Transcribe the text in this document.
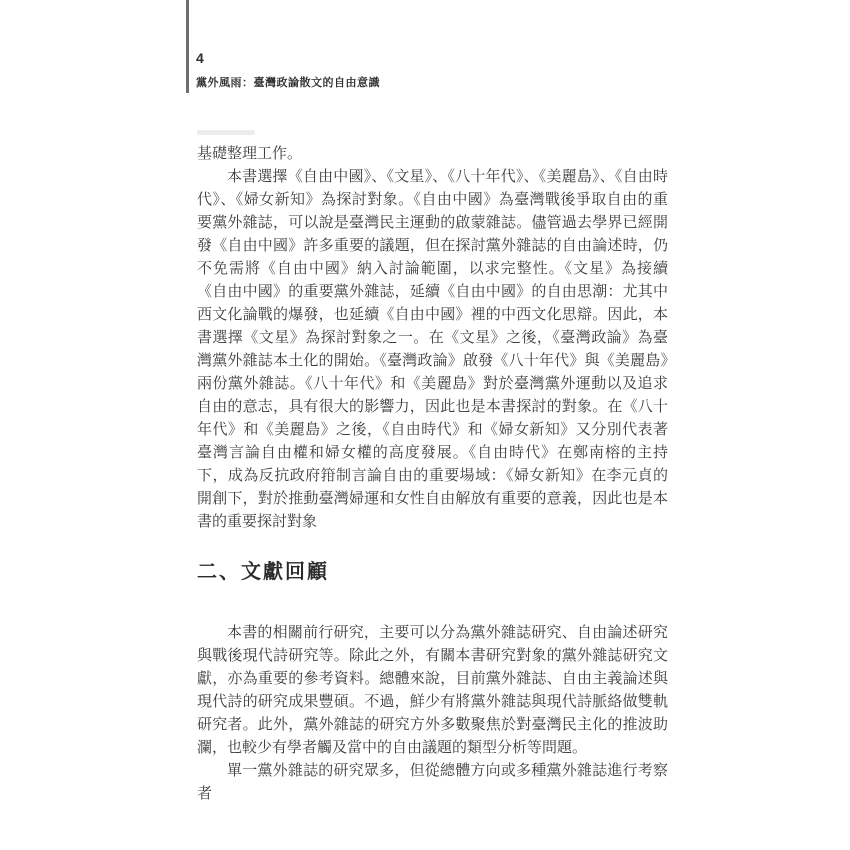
4
黨外風雨：臺灣政論散文的自由意識

基礎整理工作。

本書選擇《自由中國》、《文星》、《八十年代》、《美麗島》、《自由時代》、《婦女新知》為探討對象。《自由中國》為臺灣戰後爭取自由的重要黨外雜誌，可以說是臺灣民主運動的啟蒙雜誌。儘管過去學界已經開發《自由中國》許多重要的議題，但在探討黨外雜誌的自由論述時，仍不免需將《自由中國》納入討論範圍，以求完整性。《文星》為接續《自由中國》的重要黨外雜誌，延續《自由中國》的自由思潮：尤其中西文化論戰的爆發，也延續《自由中國》裡的中西文化思辯。因此，本書選擇《文星》為探討對象之一。在《文星》之後，《臺灣政論》為臺灣黨外雜誌本土化的開始。《臺灣政論》啟發《八十年代》與《美麗島》兩份黨外雜誌。《八十年代》和《美麗島》對於臺灣黨外運動以及追求自由的意志，具有很大的影響力，因此也是本書探討的對象。在《八十年代》和《美麗島》之後，《自由時代》和《婦女新知》又分別代表著臺灣言論自由權和婦女權的高度發展。《自由時代》在鄭南榕的主持下，成為反抗政府箝制言論自由的重要場域：《婦女新知》在李元貞的開創下，對於推動臺灣婦運和女性自由解放有重要的意義，因此也是本書的重要探討對象

二、文獻回顧

本書的相關前行研究，主要可以分為黨外雜誌研究、自由論述研究與戰後現代詩研究等。除此之外，有關本書研究對象的黨外雜誌研究文獻，亦為重要的參考資料。總體來說，目前黨外雜誌、自由主義論述與現代詩的研究成果豐碩。不過，鮮少有將黨外雜誌與現代詩脈絡做雙軌研究者。此外，黨外雜誌的研究方外多數聚焦於對臺灣民主化的推波助瀾，也較少有學者觸及當中的自由議題的類型分析等問題。

單一黨外雜誌的研究眾多，但從總體方向或多種黨外雜誌進行考察者
